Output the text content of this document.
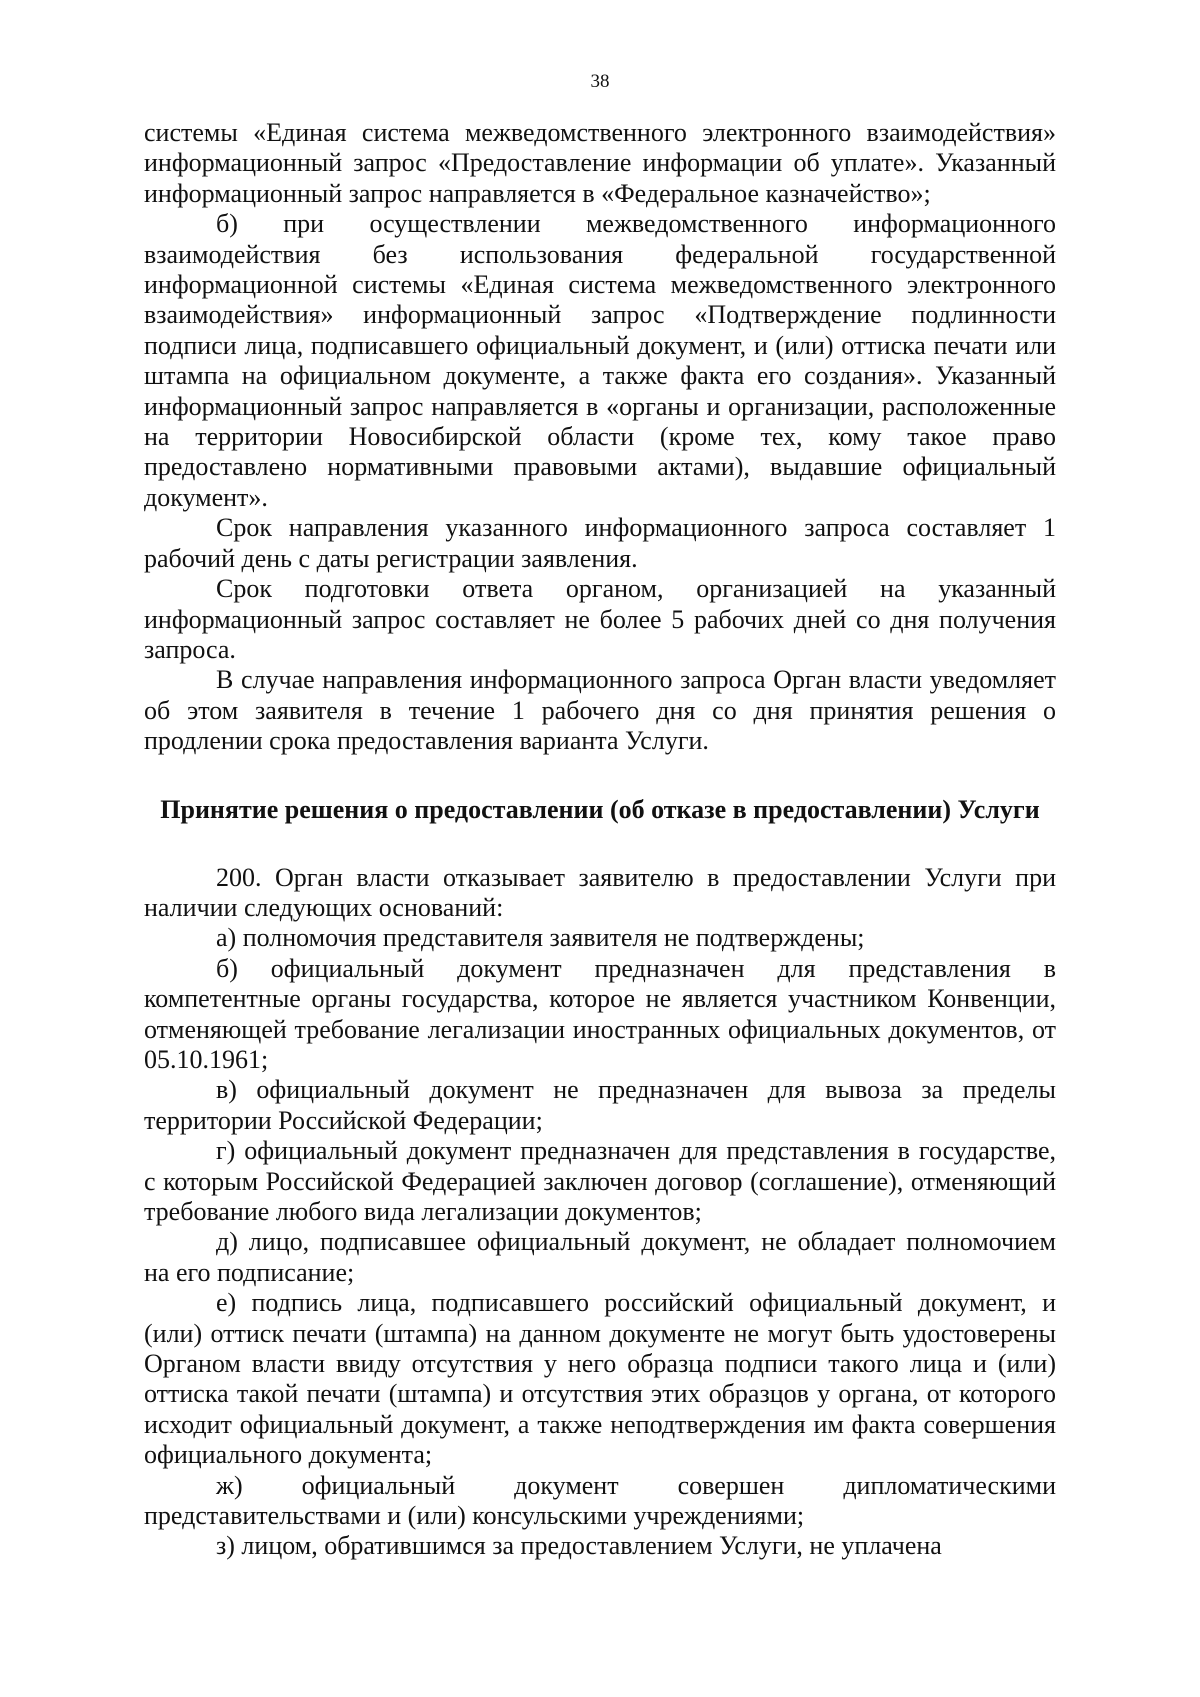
38

системы «Единая система межведомственного электронного взаимодействия» информационный запрос «Предоставление информации об уплате». Указанный информационный запрос направляется в «Федеральное казначейство»;

б) при осуществлении межведомственного информационного взаимодействия без использования федеральной государственной информационной системы «Единая система межведомственного электронного взаимодействия» информационный запрос «Подтверждение подлинности подписи лица, подписавшего официальный документ, и (или) оттиска печати или штампа на официальном документе, а также факта его создания». Указанный информационный запрос направляется в «органы и организации, расположенные на территории Новосибирской области (кроме тех, кому такое право предоставлено нормативными правовыми актами), выдавшие официальный документ».

Срок направления указанного информационного запроса составляет 1 рабочий день с даты регистрации заявления.

Срок подготовки ответа органом, организацией на указанный информационный запрос составляет не более 5 рабочих дней со дня получения запроса.

В случае направления информационного запроса Орган власти уведомляет об этом заявителя в течение 1 рабочего дня со дня принятия решения о продлении срока предоставления варианта Услуги.

Принятие решения о предоставлении (об отказе в предоставлении) Услуги

200. Орган власти отказывает заявителю в предоставлении Услуги при наличии следующих оснований:

а) полномочия представителя заявителя не подтверждены;

б) официальный документ предназначен для представления в компетентные органы государства, которое не является участником Конвенции, отменяющей требование легализации иностранных официальных документов, от 05.10.1961;

в) официальный документ не предназначен для вывоза за пределы территории Российской Федерации;

г) официальный документ предназначен для представления в государстве, с которым Российской Федерацией заключен договор (соглашение), отменяющий требование любого вида легализации документов;

д) лицо, подписавшее официальный документ, не обладает полномочием на его подписание;

е) подпись лица, подписавшего российский официальный документ, и (или) оттиск печати (штампа) на данном документе не могут быть удостоверены Органом власти ввиду отсутствия у него образца подписи такого лица и (или) оттиска такой печати (штампа) и отсутствия этих образцов у органа, от которого исходит официальный документ, а также неподтверждения им факта совершения официального документа;

ж) официальный документ совершен дипломатическими представительствами и (или) консульскими учреждениями;

з) лицом, обратившимся за предоставлением Услуги, не уплачена
